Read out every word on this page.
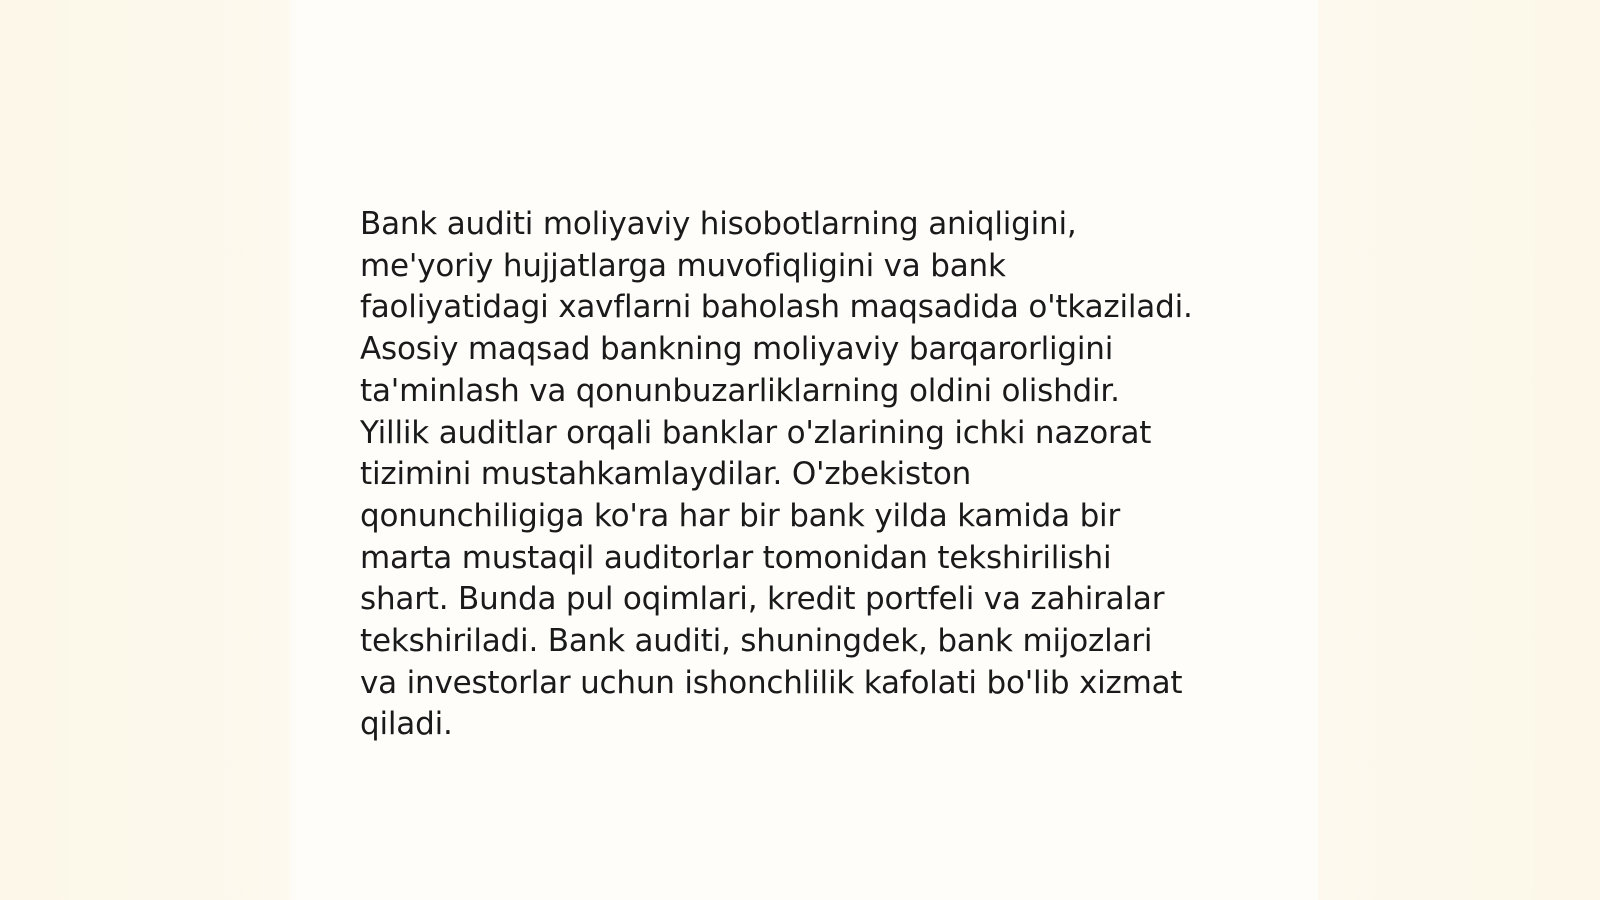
Bank auditi moliyaviy hisobotlarning aniqligini,
me'yoriy hujjatlarga muvofiqligini va bank
faoliyatidagi xavflarni baholash maqsadida o'tkaziladi.
Asosiy maqsad bankning moliyaviy barqarorligini
ta'minlash va qonunbuzarliklarning oldini olishdir.
Yillik auditlar orqali banklar o'zlarining ichki nazorat
tizimini mustahkamlaydilar. O'zbekiston
qonunchiligiga ko'ra har bir bank yilda kamida bir
marta mustaqil auditorlar tomonidan tekshirilishi
shart. Bunda pul oqimlari, kredit portfeli va zahiralar
tekshiriladi. Bank auditi, shuningdek, bank mijozlari
va investorlar uchun ishonchlilik kafolati bo'lib xizmat
qiladi.
